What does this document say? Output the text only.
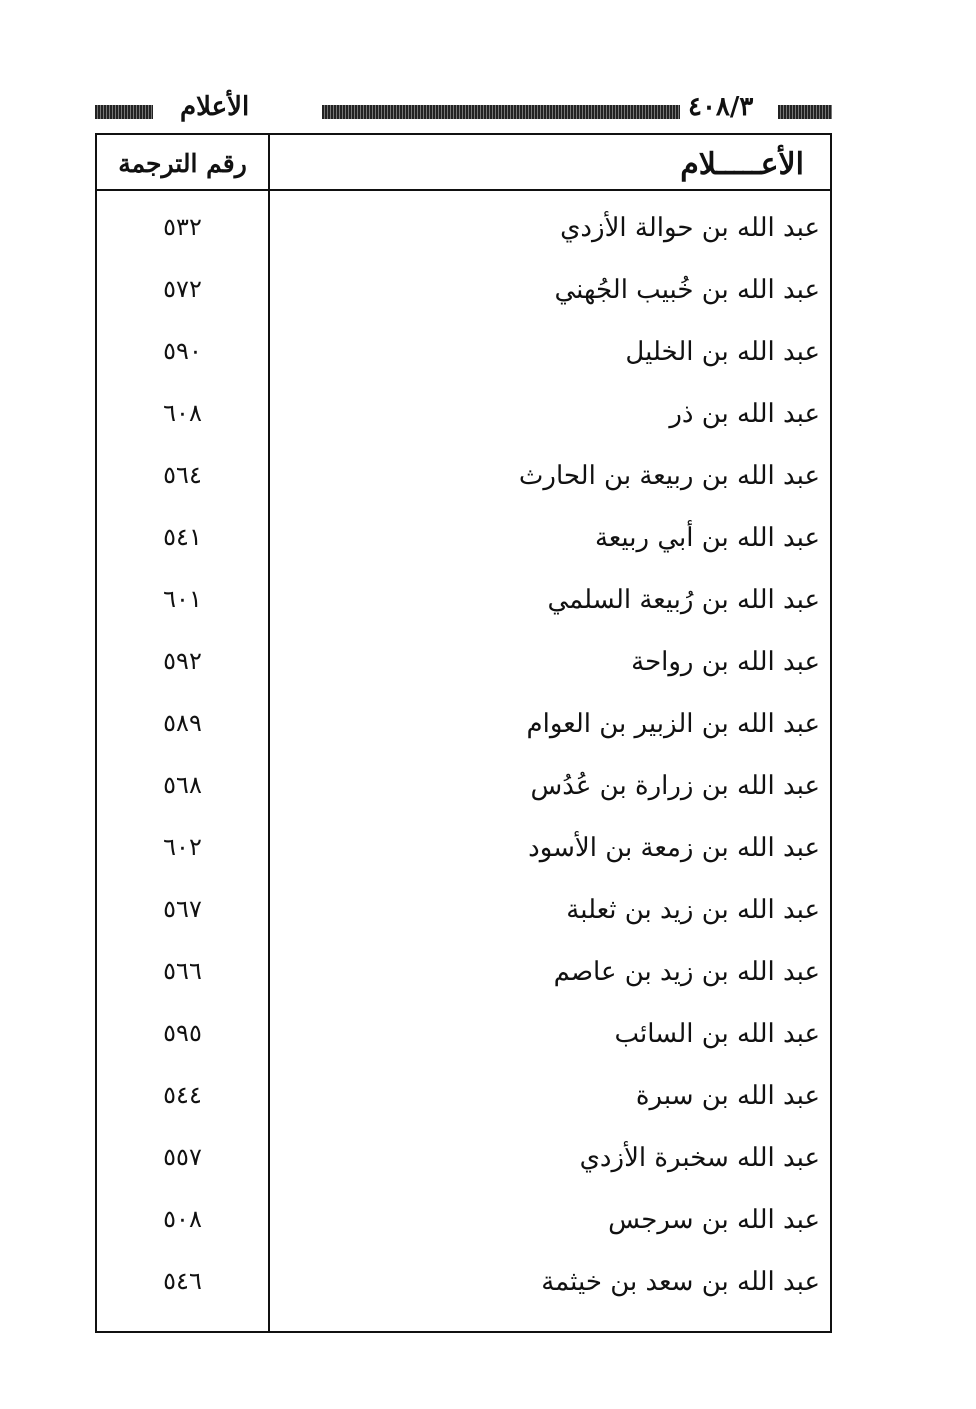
الأعلام	٤٠٨/٣
الأعـــــلام
رقم الترجمة
عبد الله بن حوالة الأزدي
٥٣٢
عبد الله بن خُبيب الجُهني
٥٧٢
عبد الله بن الخليل
٥٩٠
عبد الله بن ذر
٦٠٨
عبد الله بن ربيعة بن الحارث
٥٦٤
عبد الله بن أبي ربيعة
٥٤١
عبد الله بن رُبيعة السلمي
٦٠١
عبد الله بن رواحة
٥٩٢
عبد الله بن الزبير بن العوام
٥٨٩
عبد الله بن زرارة بن عُدُس
٥٦٨
عبد الله بن زمعة بن الأسود
٦٠٢
عبد الله بن زيد بن ثعلبة
٥٦٧
عبد الله بن زيد بن عاصم
٥٦٦
عبد الله بن السائب
٥٩٥
عبد الله بن سبرة
٥٤٤
عبد الله سخبرة الأزدي
٥٥٧
عبد الله بن سرجس
٥٠٨
عبد الله بن سعد بن خيثمة
٥٤٦
